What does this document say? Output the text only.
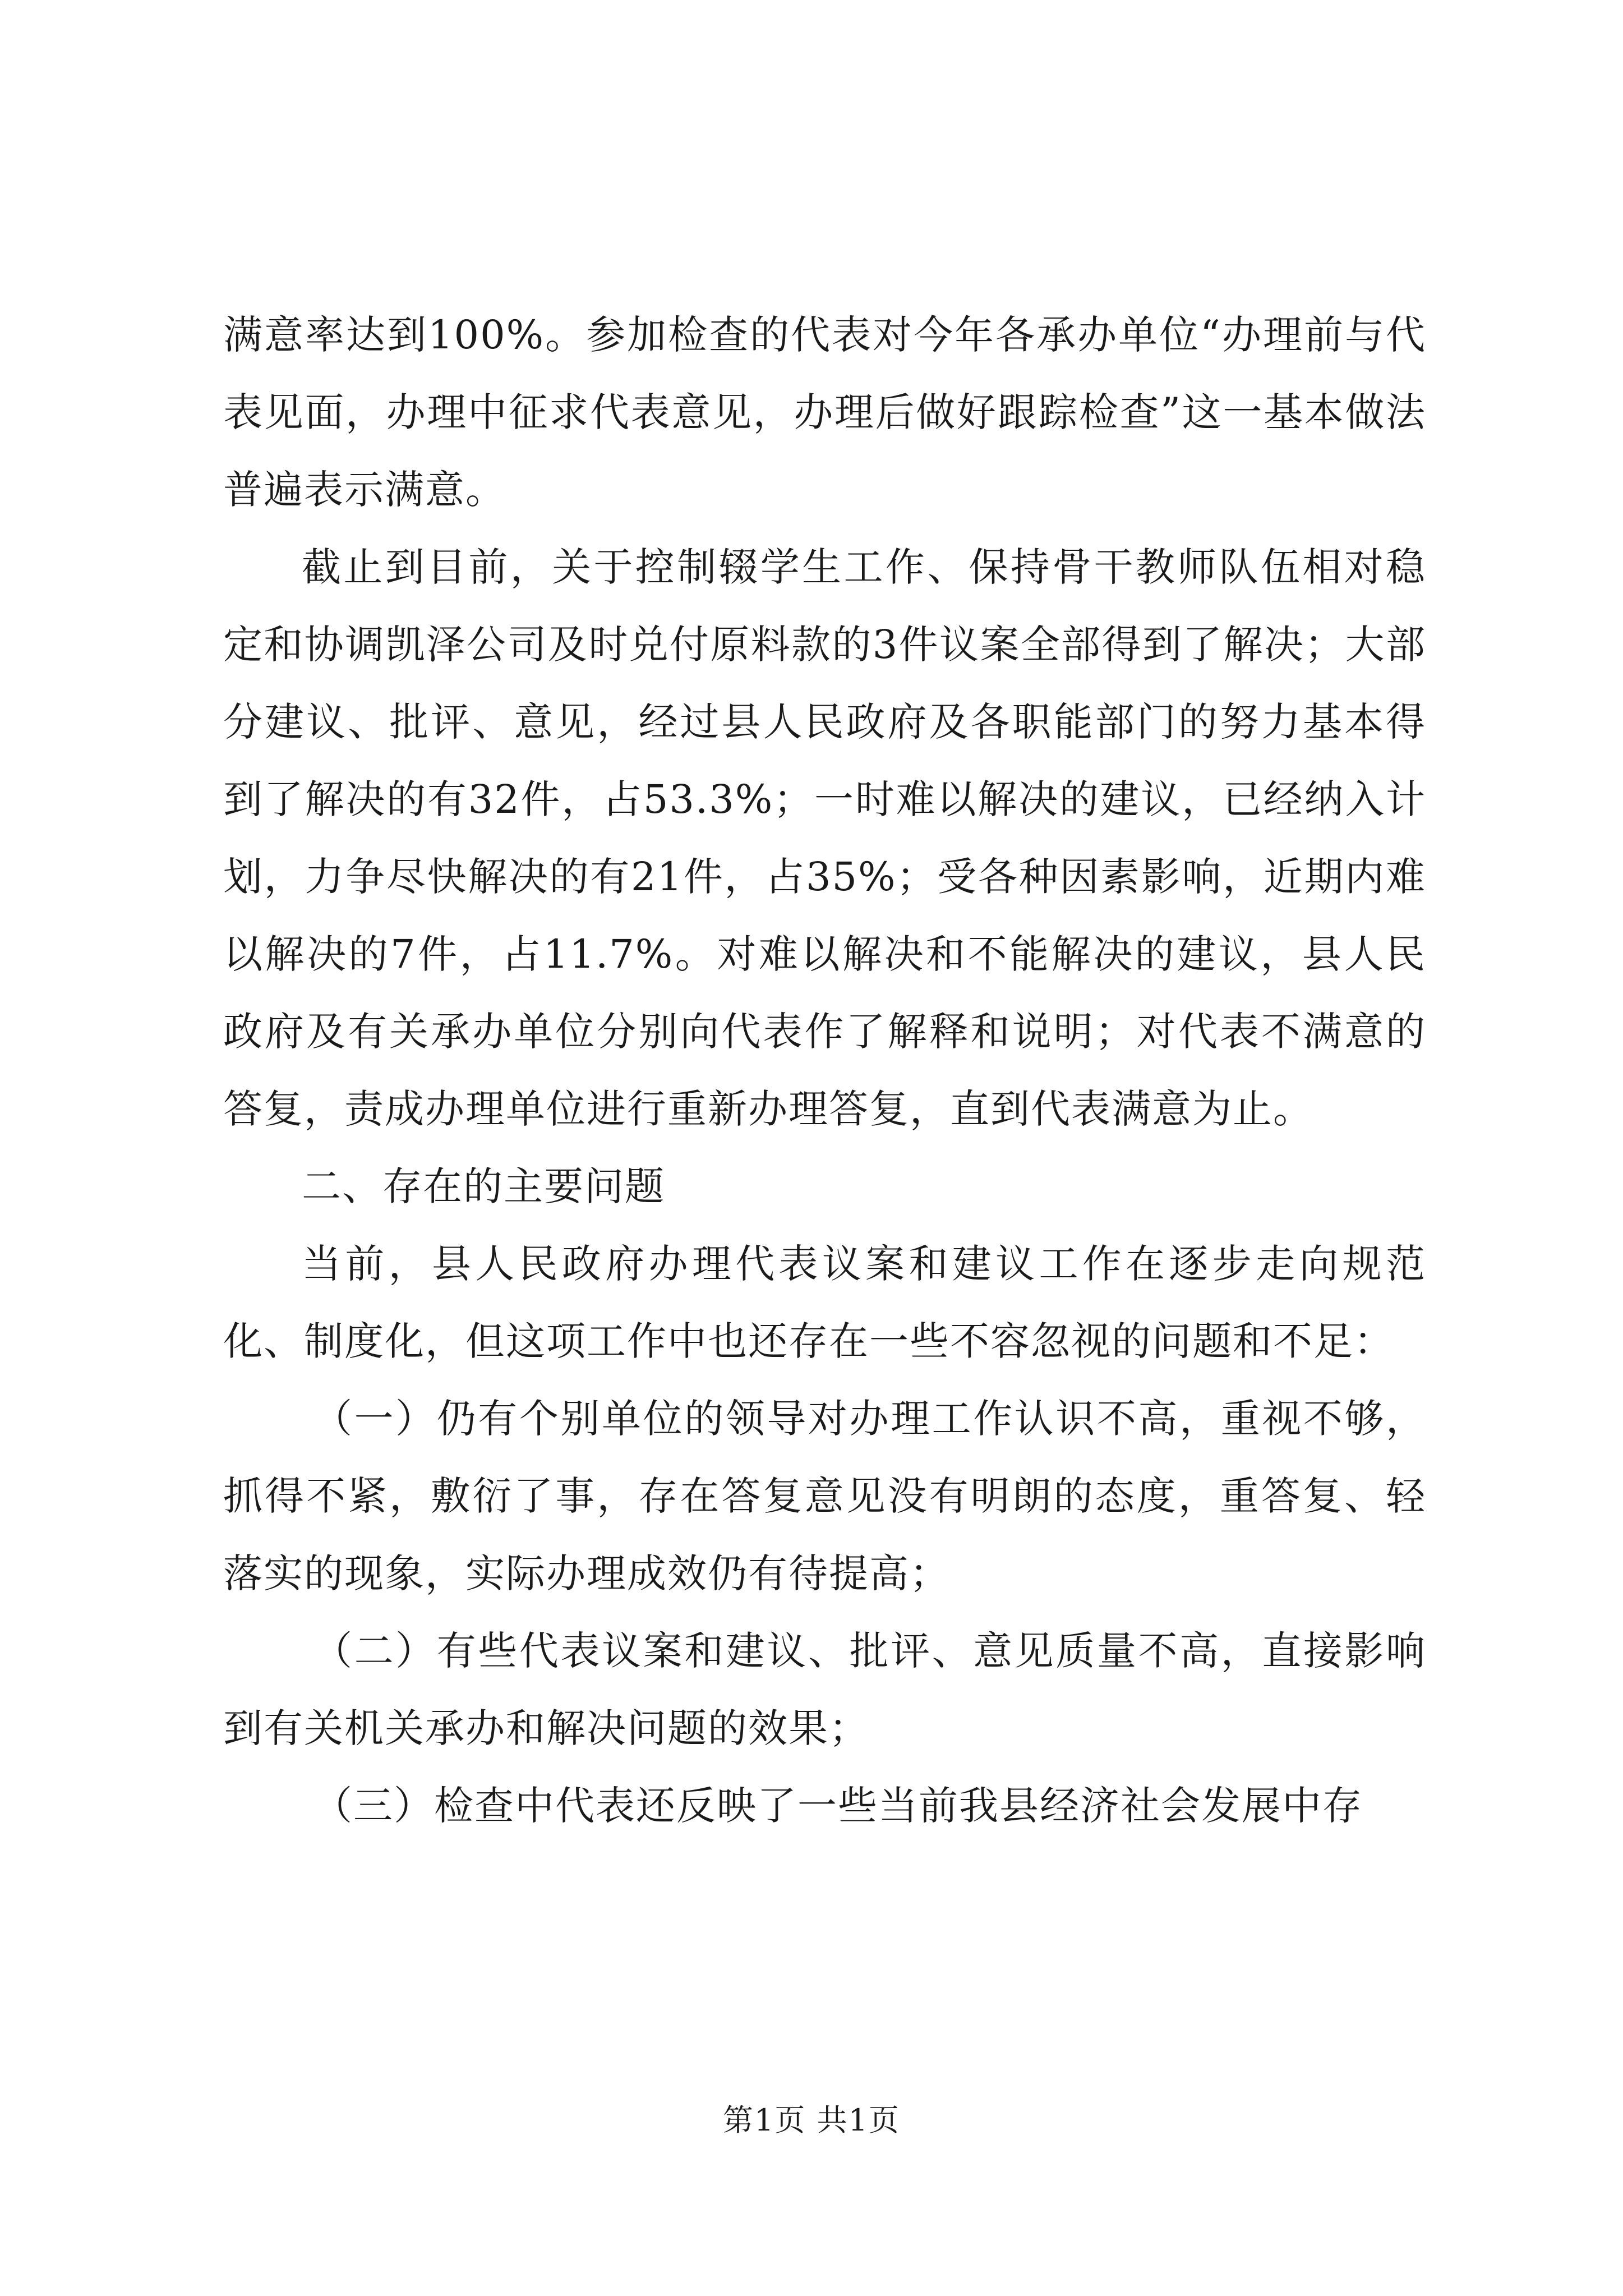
满意率达到100%。参加检查的代表对今年各承办单位“办理前与代表见面，办理中征求代表意见，办理后做好跟踪检查”这一基本做法普遍表示满意。

截止到目前，关于控制辍学生工作、保持骨干教师队伍相对稳定和协调凯泽公司及时兑付原料款的3件议案全部得到了解决；大部分建议、批评、意见，经过县人民政府及各职能部门的努力基本得到了解决的有32件，占53.3%；一时难以解决的建议，已经纳入计划，力争尽快解决的有21件，占35%；受各种因素影响，近期内难以解决的7件，占11.7%。对难以解决和不能解决的建议，县人民政府及有关承办单位分别向代表作了解释和说明；对代表不满意的答复，责成办理单位进行重新办理答复，直到代表满意为止。

二、存在的主要问题

当前，县人民政府办理代表议案和建议工作在逐步走向规范化、制度化，但这项工作中也还存在一些不容忽视的问题和不足：

（一）仍有个别单位的领导对办理工作认识不高，重视不够，抓得不紧，敷衍了事，存在答复意见没有明朗的态度，重答复、轻落实的现象，实际办理成效仍有待提高；

（二）有些代表议案和建议、批评、意见质量不高，直接影响到有关机关承办和解决问题的效果；

（三）检查中代表还反映了一些当前我县经济社会发展中存

第1页 共1页
